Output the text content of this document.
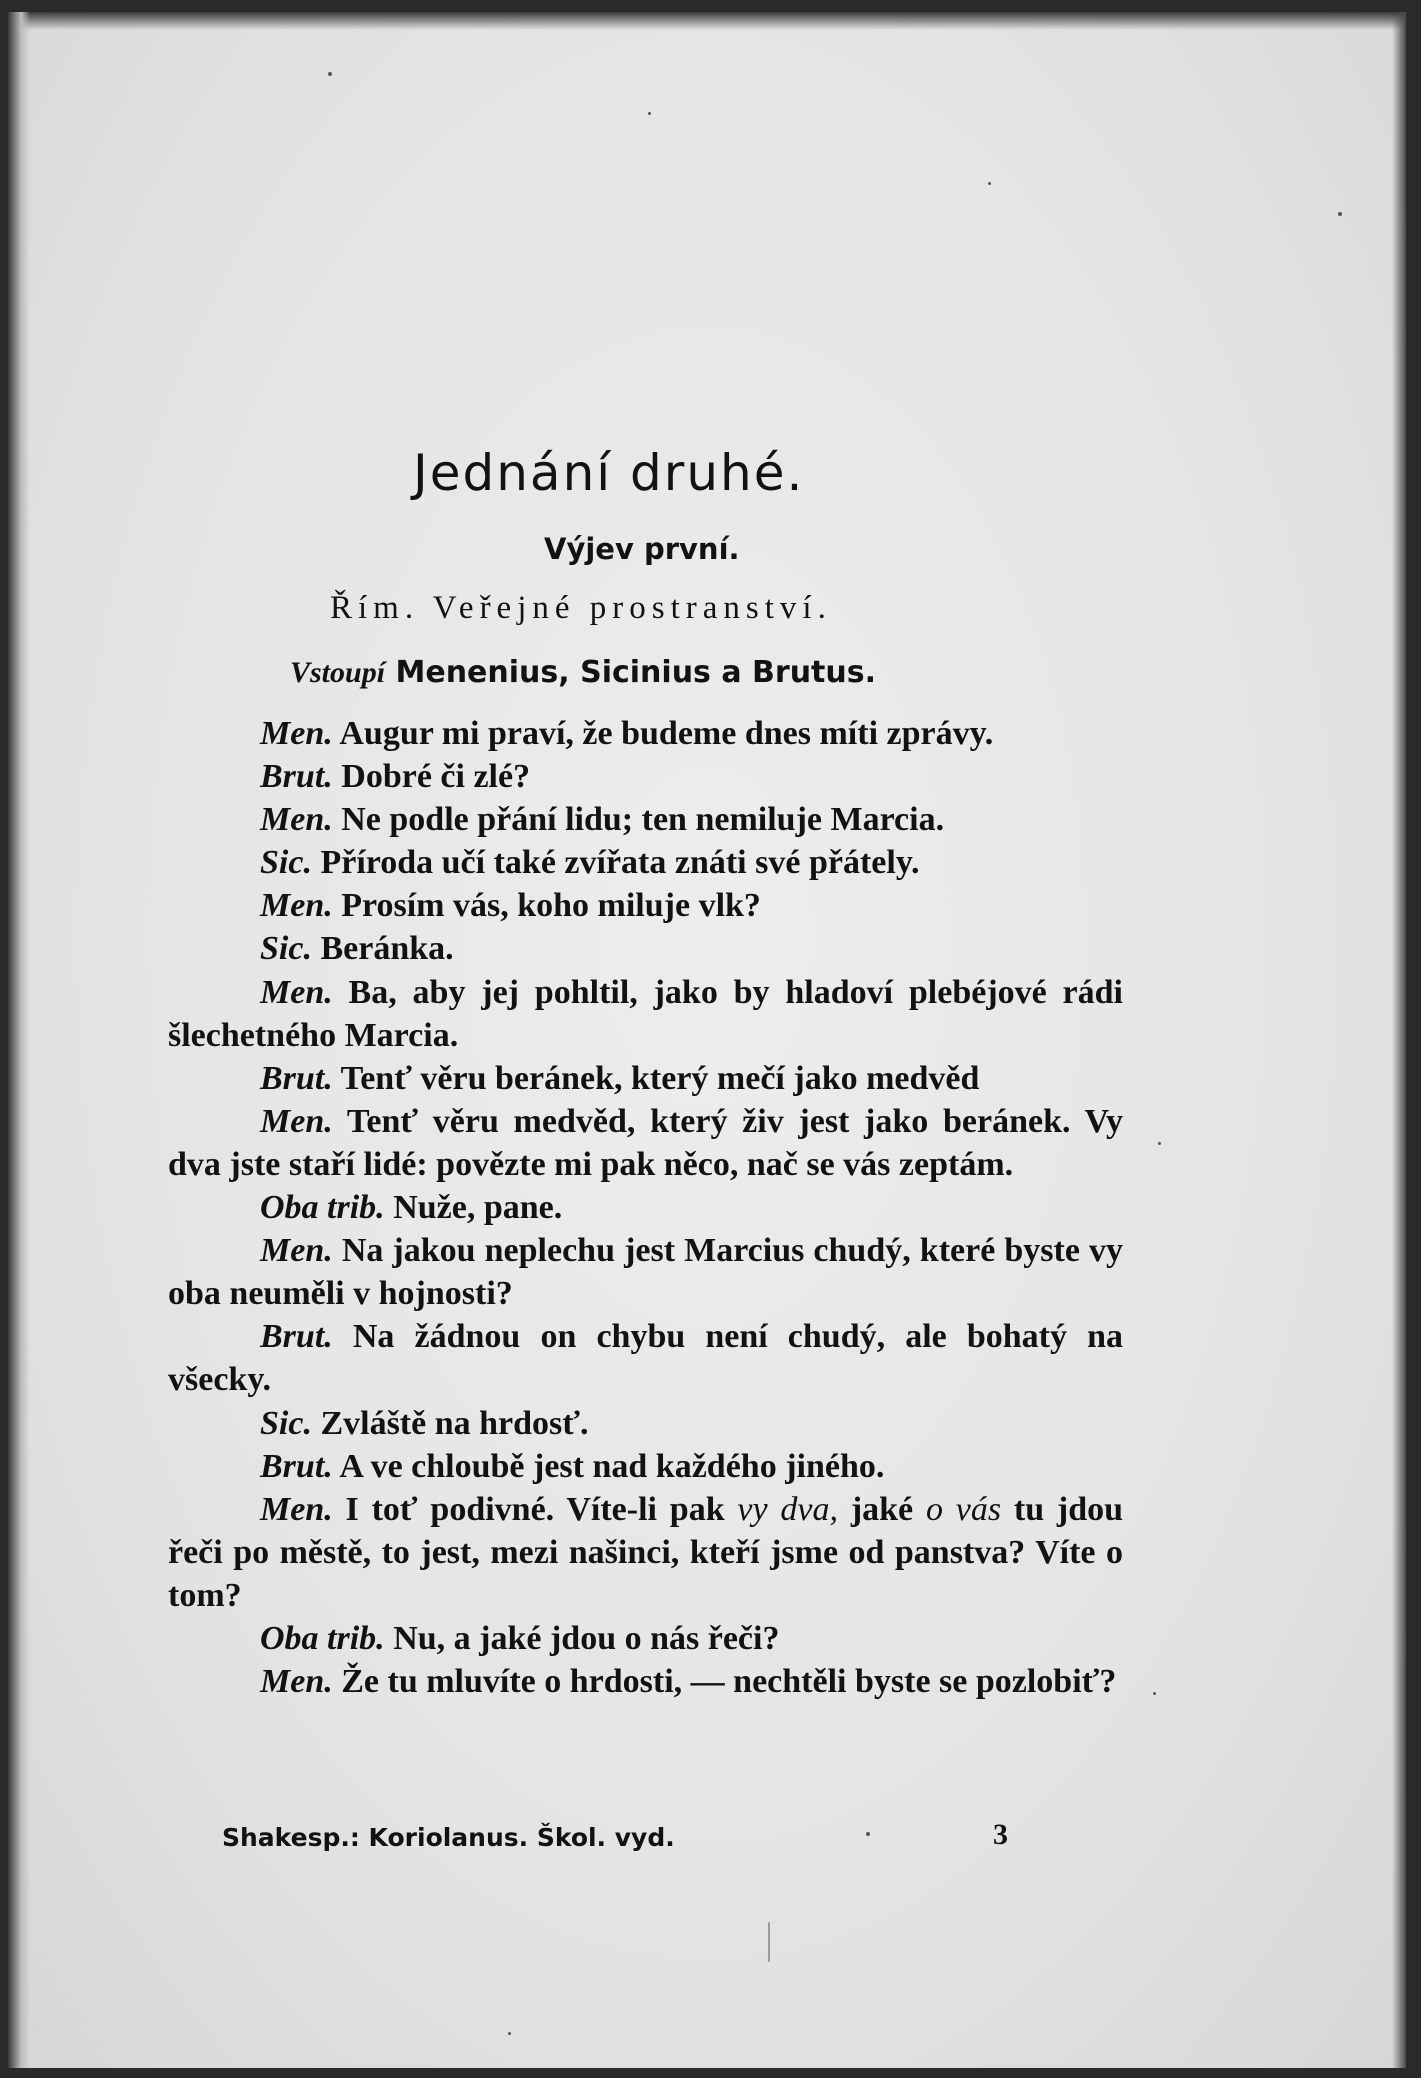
Jednání druhé.
Výjev první.
Řím. Veřejné prostranství.
Vstoupí Menenius, Sicinius a Brutus.

Men. Augur mi praví, že budeme dnes míti zprávy.

Brut. Dobré či zlé?

Men. Ne podle přání lidu; ten nemiluje Marcia.

Sic. Příroda učí také zvířata znáti své přátely.

Men. Prosím vás, koho miluje vlk?

Sic. Beránka.

Men. Ba, aby jej pohltil, jako by hladoví plebéjové rádi šlechetného Marcia.

Brut. Tenť věru beránek, který mečí jako medvěd

Men. Tenť věru medvěd, který živ jest jako beránek. Vy dva jste staří lidé: povězte mi pak něco, nač se vás zeptám.

Oba trib. Nuže, pane.

Men. Na jakou neplechu jest Marcius chudý, které byste vy oba neuměli v hojnosti?

Brut. Na žádnou on chybu není chudý, ale bohatý na všecky.

Sic. Zvláště na hrdosť.

Brut. A ve chloubě jest nad každého jiného.

Men. I toť podivné. Víte-li pak vy dva, jaké o vás tu jdou řeči po městě, to jest, mezi našinci, kteří jsme od panstva? Víte o tom?

Oba trib. Nu, a jaké jdou o nás řeči?

Men. Že tu mluvíte o hrdosti, — nechtěli byste se pozlobiť?

Shakesp.: Koriolanus. Škol. vyd.	3
